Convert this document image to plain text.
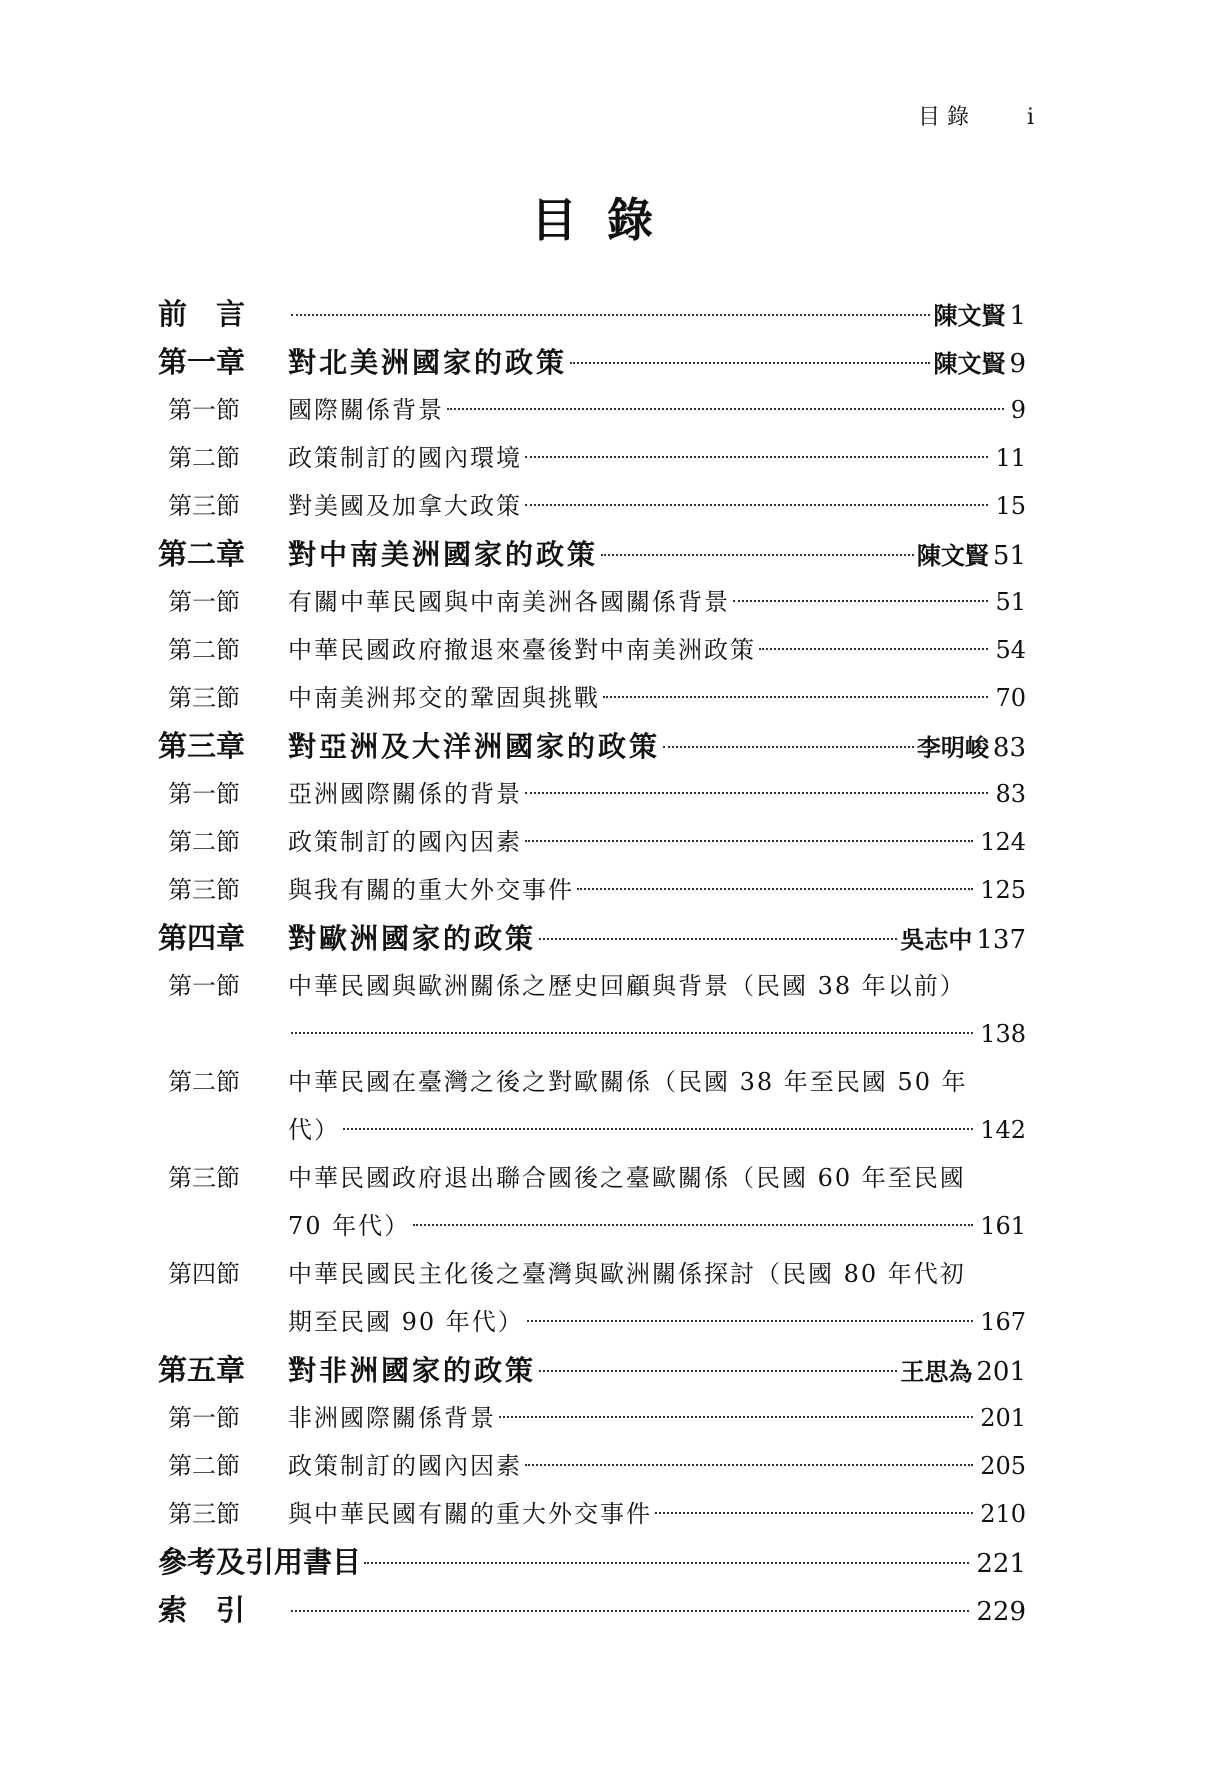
目 錄	i
目錄
前　言	陳文賢 1
第一章	對北美洲國家的政策	陳文賢 9
第一節	國際關係背景	9
第二節	政策制訂的國內環境	11
第三節	對美國及加拿大政策	15
第二章	對中南美洲國家的政策	陳文賢 51
第一節	有關中華民國與中南美洲各國關係背景	51
第二節	中華民國政府撤退來臺後對中南美洲政策	54
第三節	中南美洲邦交的鞏固與挑戰	70
第三章	對亞洲及大洋洲國家的政策	李明峻 83
第一節	亞洲國際關係的背景	83
第二節	政策制訂的國內因素	124
第三節	與我有關的重大外交事件	125
第四章	對歐洲國家的政策	吳志中 137
第一節	中華民國與歐洲關係之歷史回顧與背景（民國 38 年以前）
138
第二節	中華民國在臺灣之後之對歐關係（民國 38 年至民國 50 年
代）	142
第三節	中華民國政府退出聯合國後之臺歐關係（民國 60 年至民國
70 年代）	161
第四節	中華民國民主化後之臺灣與歐洲關係探討（民國 80 年代初
期至民國 90 年代）	167
第五章	對非洲國家的政策	王思為 201
第一節	非洲國際關係背景	201
第二節	政策制訂的國內因素	205
第三節	與中華民國有關的重大外交事件	210
參考及引用書目	221
索　引	229
